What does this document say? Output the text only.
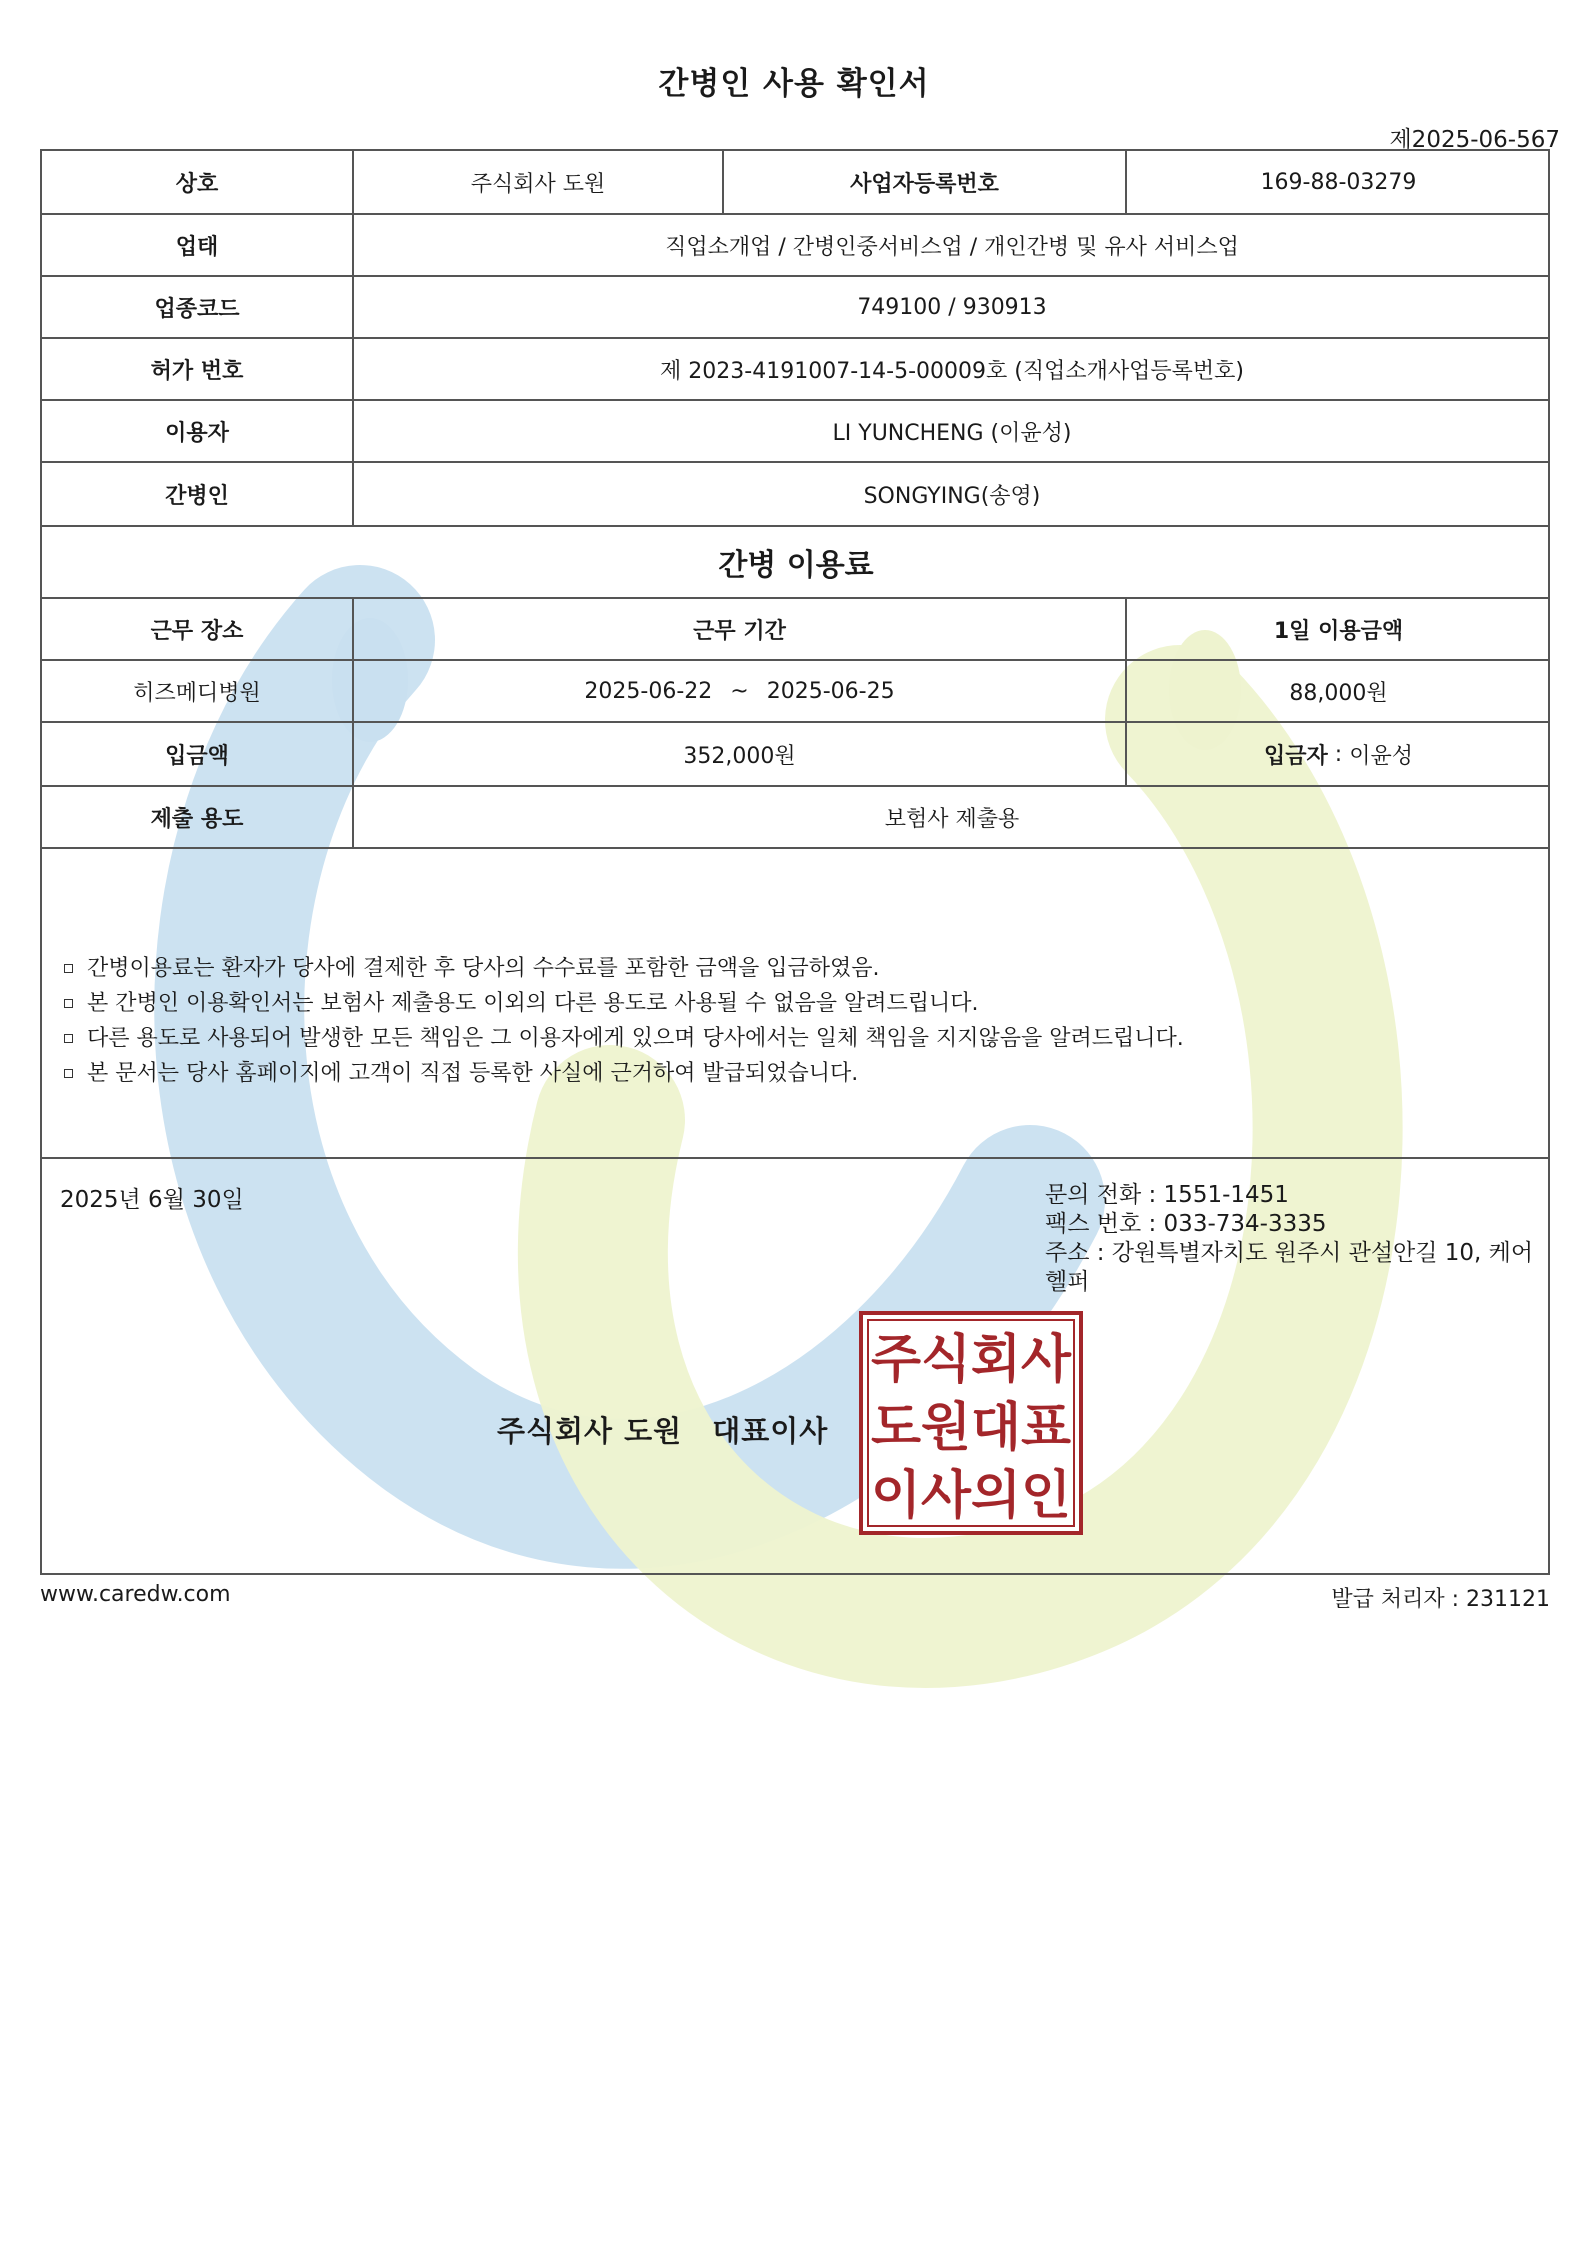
간병인 사용 확인서
제2025-06-567
상호	주식회사 도원	사업자등록번호	169-88-03279
업태	직업소개업 / 간병인중서비스업 / 개인간병 및 유사 서비스업
업종코드	749100 / 930913
허가 번호	제 2023-4191007-14-5-00009호 (직업소개사업등록번호)
이용자	LI YUNCHENG (이윤성)
간병인	SONGYING(송영)
간병 이용료
근무 장소	근무 기간	1일 이용금액
히즈메디병원	2025-06-22 ~ 2025-06-25	88,000원
입금액	352,000원	입금자 : 이윤성
제출 용도	보험사 제출용
간병이용료는 환자가 당사에 결제한 후 당사의 수수료를 포함한 금액을 입금하였음.
본 간병인 이용확인서는 보험사 제출용도 이외의 다른 용도로 사용될 수 없음을 알려드립니다.
다른 용도로 사용되어 발생한 모든 책임은 그 이용자에게 있으며 당사에서는 일체 책임을 지지않음을 알려드립니다.
본 문서는 당사 홈페이지에 고객이 직접 등록한 사실에 근거하여 발급되었습니다.
2025년 6월 30일	문의 전화 : 1551-1451
팩스 번호 : 033-734-3335
주소 : 강원특별자치도 원주시 관설안길 10, 케어헬퍼
주식회사 도원 대표이사
주식회사
도원대표
이사의인
www.caredw.com	발급 처리자 : 231121
